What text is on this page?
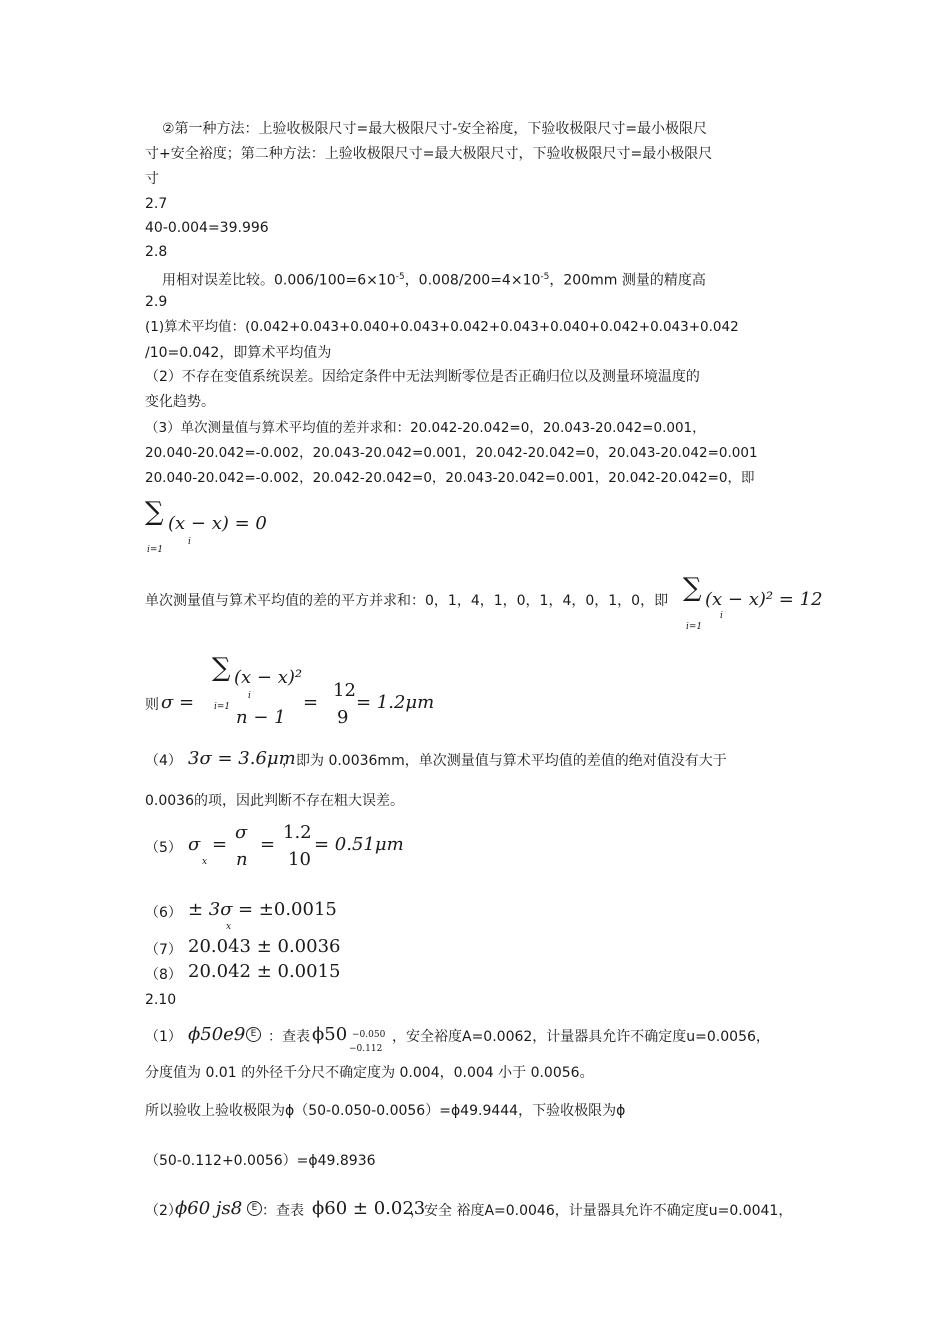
②第一种方法：上验收极限尺寸=最大极限尺寸-安全裕度，下验收极限尺寸=最小极限尺
寸+安全裕度；第二种方法：上验收极限尺寸=最大极限尺寸，下验收极限尺寸=最小极限尺
寸
2.7
40-0.004=39.996
2.8
用相对误差比较。$0.006/100=6\times 10^{-5}$，$0.008/200=4\times 10^{-5}$，200mm 测量的精度高
2.9
(1)算术平均值：(0.042+0.043+0.040+0.043+0.042+0.043+0.040+0.042+0.043+0.042
/10=0.042，即算术平均值为
（2）不存在变值系统误差。因给定条件中无法判断零位是否正确归位以及测量环境温度的
变化趋势。
（3）单次测量值与算术平均值的差并求和：20.042-20.042=0，20.043-20.042=0.001，
20.040-20.042=-0.002，20.043-20.042=0.001，20.042-20.042=0，20.043-20.042=0.001
20.040-20.042=-0.002，20.042-20.042=0，20.043-20.042=0.001，20.042-20.042=0，即
∑ (x − x) = 0
i
i=1
单次测量值与算术平均值的差的平方并求和：0，1，4，1，0，1，4，0，1，0，即 ∑ (x − x)² = 12
i
i=1
则 σ =
∑ (x − x)²
i
i=1 n − 1
=
12
9
= 1.2μm
（4） 3σ = 3.6μm
，即为 0.0036mm，单次测量值与算术平均值的差值的绝对值没有大于
0.0036的项，因此判断不存在粗大误差。
（5） σ
x
=
σ
n
=
1.2
10
= 0.51μm
（6） ± 3σ
x
= ±0.0015
（7） 20.043 ± 0.0036
（8） 20.042 ± 0.0015
2.10
（1） ϕ50e9 E ：查表 ϕ50 −0.050
−0.112
，安全裕度A=0.0062，计量器具允许不确定度u=0.0056，
分度值为 0.01 的外径千分尺不确定度为 0.004，0.004 小于 0.0056。
所以验收上验收极限为ϕ（50-0.050-0.0056）=ϕ49.9444，下验收极限为ϕ
（50-0.112+0.0056）=ϕ49.8936
（2）
ϕ60 js8	E ：查表 ϕ60 ± 0.023
，安全 裕度A=0.0046，计量器具允许不确定度u=0.0041，
